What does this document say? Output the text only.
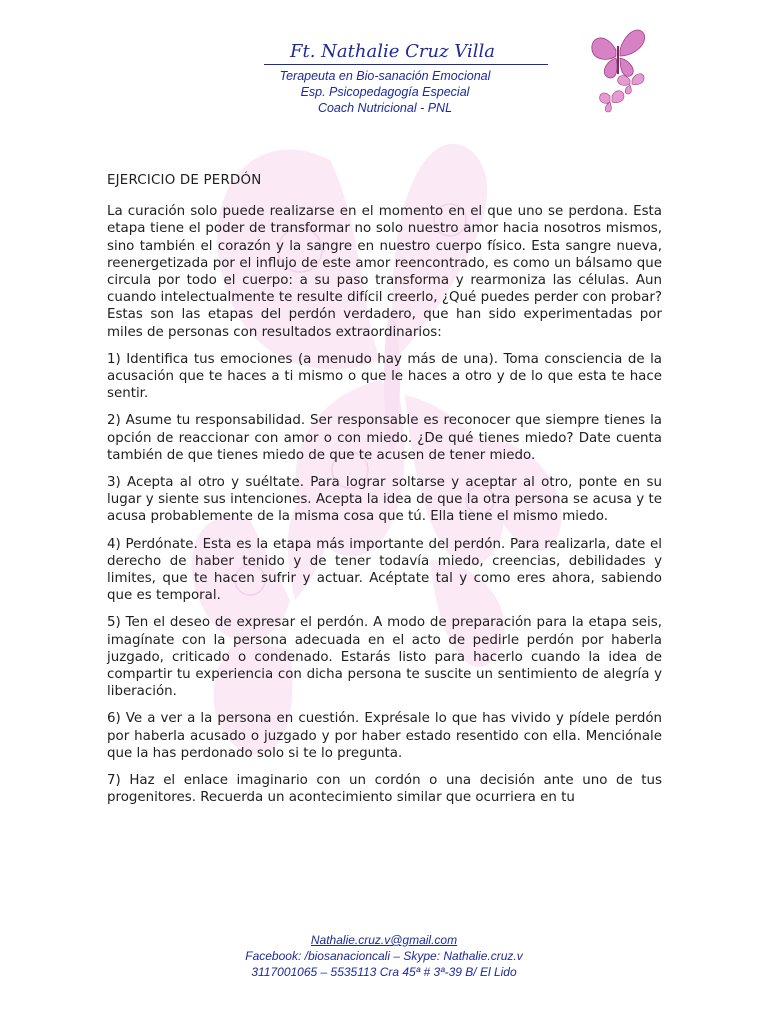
Ft. Nathalie Cruz Villa
Terapeuta en Bio-sanación Emocional
Esp. Psicopedagogía Especial
Coach Nutricional - PNL
EJERCICIO DE PERDÓN

La curación solo puede realizarse en el momento en el que uno se perdona. Esta etapa tiene el poder de transformar no solo nuestro amor hacia nosotros mismos, sino también el corazón y la sangre en nuestro cuerpo físico. Esta sangre nueva, reenergetizada por el influjo de este amor reencontrado, es como un bálsamo que circula por todo el cuerpo: a su paso transforma y rearmoniza las células. Aun cuando intelectualmente te resulte difícil creerlo, ¿Qué puedes perder con probar? Estas son las etapas del perdón verdadero, que han sido experimentadas por miles de personas con resultados extraordinarios:

1) Identifica tus emociones (a menudo hay más de una). Toma consciencia de la acusación que te haces a ti mismo o que le haces a otro y de lo que esta te hace sentir.

2) Asume tu responsabilidad. Ser responsable es reconocer que siempre tienes la opción de reaccionar con amor o con miedo. ¿De qué tienes miedo? Date cuenta también de que tienes miedo de que te acusen de tener miedo.

3) Acepta al otro y suéltate. Para lograr soltarse y aceptar al otro, ponte en su lugar y siente sus intenciones. Acepta la idea de que la otra persona se acusa y te acusa probablemente de la misma cosa que tú. Ella tiene el mismo miedo.

4) Perdónate. Esta es la etapa más importante del perdón. Para realizarla, date el derecho de haber tenido y de tener todavía miedo, creencias, debilidades y limites, que te hacen sufrir y actuar. Acéptate tal y como eres ahora, sabiendo que es temporal.

5) Ten el deseo de expresar el perdón. A modo de preparación para la etapa seis, imagínate con la persona adecuada en el acto de pedirle perdón por haberla juzgado, criticado o condenado. Estarás listo para hacerlo cuando la idea de compartir tu experiencia con dicha persona te suscite un sentimiento de alegría y liberación.

6) Ve a ver a la persona en cuestión. Exprésale lo que has vivido y pídele perdón por haberla acusado o juzgado y por haber estado resentido con ella. Menciónale que la has perdonado solo si te lo pregunta.

7) Haz el enlace imaginario con un cordón o una decisión ante uno de tus progenitores. Recuerda un acontecimiento similar que ocurriera en tu

Nathalie.cruz.v@gmail.com
Facebook: /biosanacioncali – Skype: Nathalie.cruz.v
3117001065 – 5535113 Cra 45ª # 3ª-39 B/ El Lido
